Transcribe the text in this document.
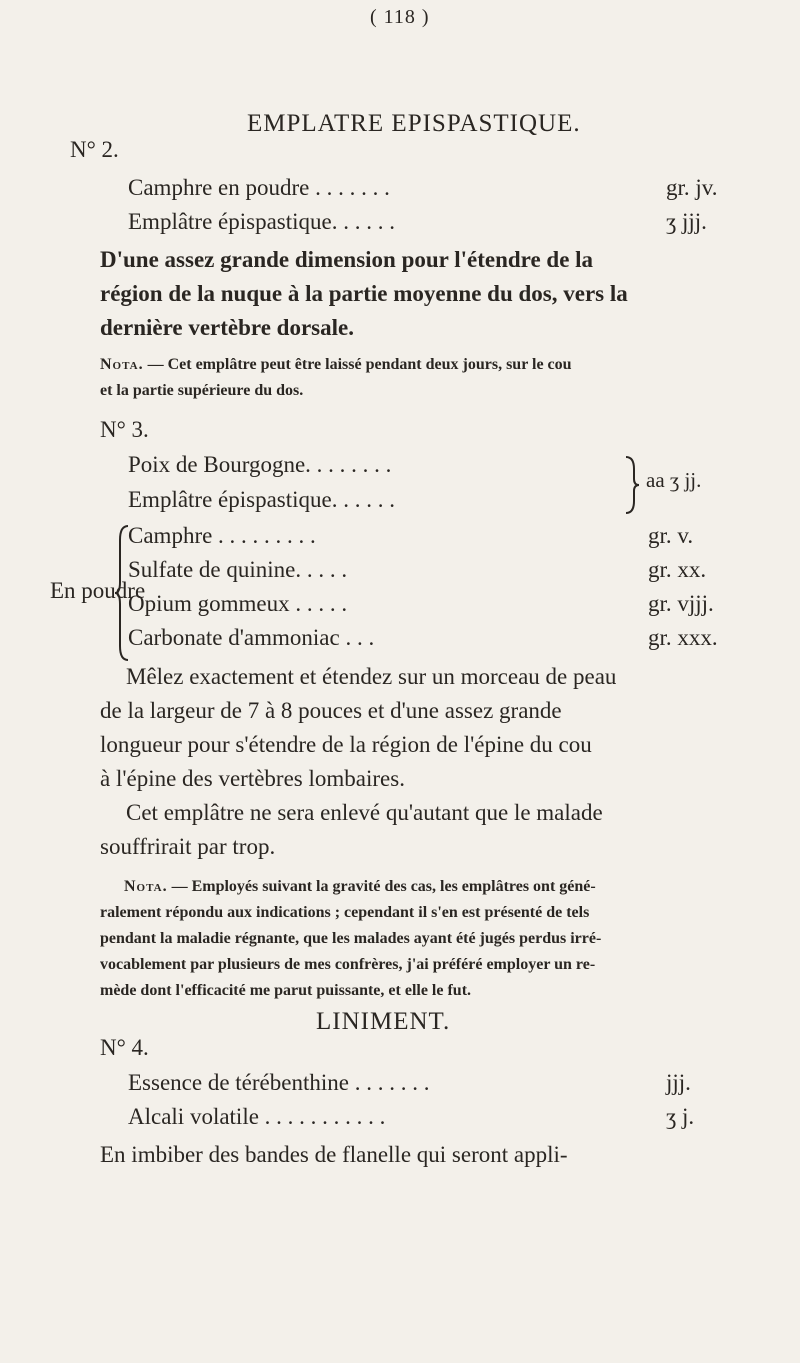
( 118 )
EMPLATRE EPISPASTIQUE.
N° 2.
Camphre en poudre . . . . . . .	gr. jv.
Emplâtre épispastique. . . . . .	ʒ jjj.
D'une assez grande dimension pour l'étendre de la
région de la nuque à la partie moyenne du dos, vers la
dernière vertèbre dorsale.
Nota. — Cet emplâtre peut être laissé pendant deux jours, sur le cou
et la partie supérieure du dos.
N° 3.
Poix de Bourgogne. . . . . . . .
Emplâtre épispastique. . . . . .
aa ʒ jj.
En poudre
Camphre . . . . . . . . .	gr. v.
Sulfate de quinine. . . . .	gr. xx.
Opium gommeux . . . . .	gr. vjjj.
Carbonate d'ammoniac . . .	gr. xxx.
Mêlez exactement et étendez sur un morceau de peau
de la largeur de 7 à 8 pouces et d'une assez grande
longueur pour s'étendre de la région de l'épine du cou
à l'épine des vertèbres lombaires.
Cet emplâtre ne sera enlevé qu'autant que le malade
souffrirait par trop.
Nota. — Employés suivant la gravité des cas, les emplâtres ont géné-
ralement répondu aux indications ; cependant il s'en est présenté de tels
pendant la maladie régnante, que les malades ayant été jugés perdus irré-
vocablement par plusieurs de mes confrères, j'ai préféré employer un re-
mède dont l'efficacité me parut puissante, et elle le fut.
LINIMENT.
N° 4.
Essence de térébenthine . . . . . . .	jjj.
Alcali volatile . . . . . . . . . . .	ʒ j.
En imbiber des bandes de flanelle qui seront appli-
